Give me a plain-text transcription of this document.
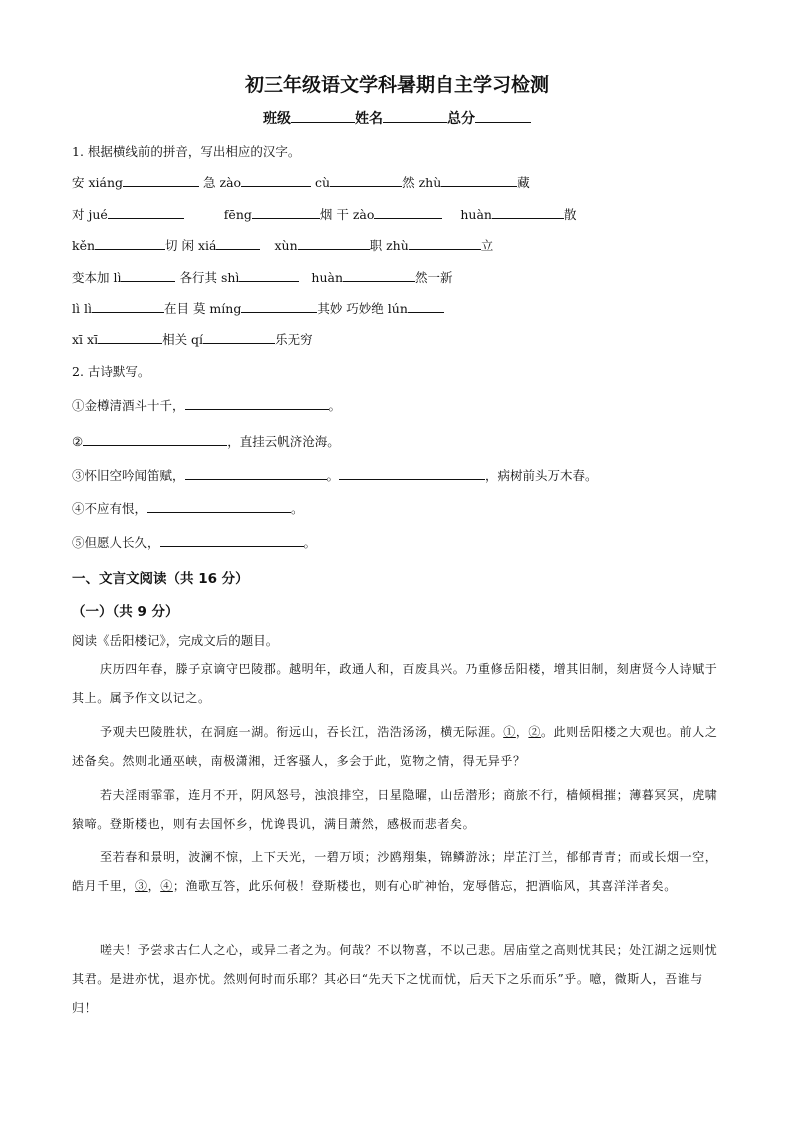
初三年级语文学科暑期自主学习检测
班级	姓名	总分
1. 根据横线前的拼音，写出相应的汉字。
安 xiáng	急 zào	cù	然 zhù	藏
对 jué	fēng	烟 干 zào	huàn	散
kěn	切 闲 xiá	xùn	职 zhù	立
变本加 lì	各行其 shì	huàn	然一新
lì lì	在目 莫 míng	其妙 巧妙绝 lún
xī xī	相关 qí	乐无穷
2. 古诗默写。
①金樽清酒斗十千，	。
②	，直挂云帆济沧海。
③怀旧空吟闻笛赋，	。	，病树前头万木春。
④不应有恨，	。
⑤但愿人长久，	。
一、文言文阅读（共 16 分）
（一）（共 9 分）
阅读《岳阳楼记》，完成文后的题目。
庆历四年春，滕子京谪守巴陵郡。越明年，政通人和，百废具兴。乃重修岳阳楼，增其旧制，刻唐贤今人诗赋于其上。属予作文以记之。
予观夫巴陵胜状，在洞庭一湖。衔远山，吞长江，浩浩汤汤，横无际涯。①，②。此则岳阳楼之大观也。前人之述备矣。然则北通巫峡，南极潇湘，迁客骚人，多会于此，览物之情，得无异乎？
若夫淫雨霏霏，连月不开，阴风怒号，浊浪排空，日星隐曜，山岳潜形；商旅不行，樯倾楫摧；薄暮冥冥，虎啸猿啼。登斯楼也，则有去国怀乡，忧谗畏讥，满目萧然，感极而悲者矣。
至若春和景明，波澜不惊，上下天光，一碧万顷；沙鸥翔集，锦鳞游泳；岸芷汀兰，郁郁青青；而或长烟一空，皓月千里，③，④；渔歌互答，此乐何极！登斯楼也，则有心旷神怡，宠辱偕忘，把酒临风，其喜洋洋者矣。
嗟夫！予尝求古仁人之心，或异二者之为。何哉？不以物喜，不以己悲。居庙堂之高则忧其民；处江湖之远则忧其君。是进亦忧，退亦忧。然则何时而乐耶？其必曰“先天下之忧而忧，后天下之乐而乐”乎。噫，微斯人，吾谁与归！
